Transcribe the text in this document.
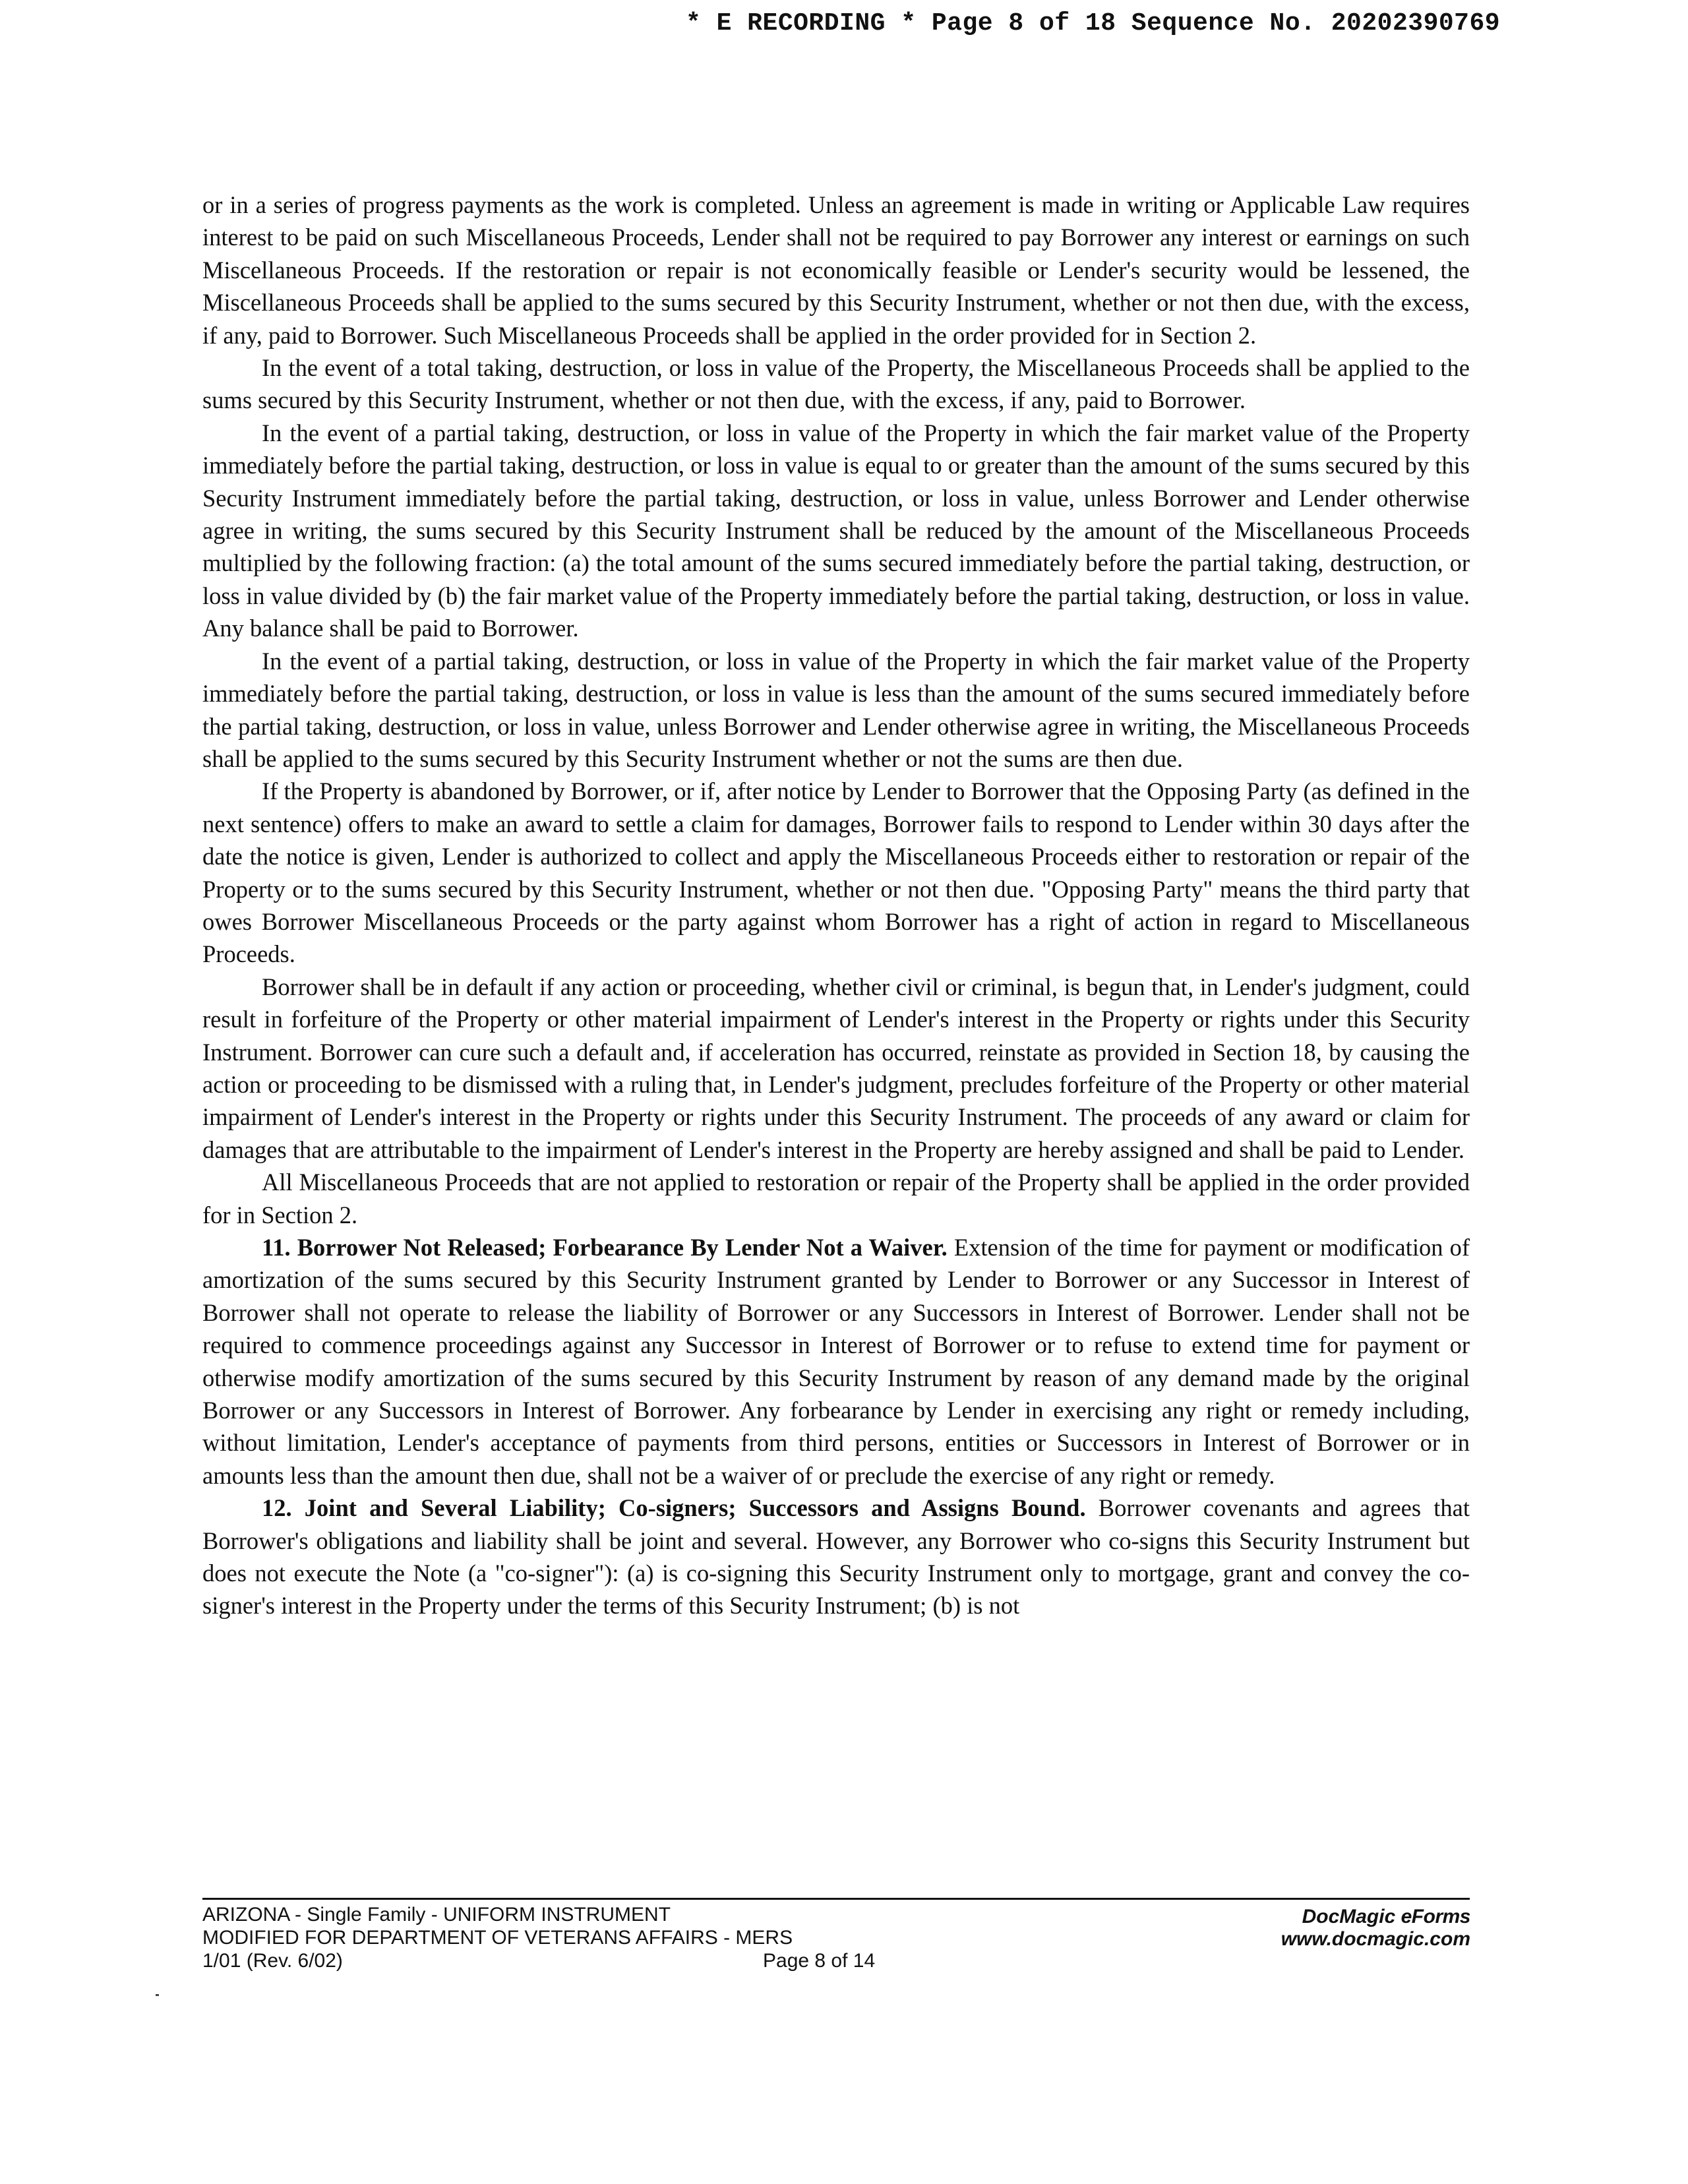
* E RECORDING * Page 8 of 18 Sequence No. 20202390769

or in a series of progress payments as the work is completed. Unless an agreement is made in writing or Applicable Law requires interest to be paid on such Miscellaneous Proceeds, Lender shall not be required to pay Borrower any interest or earnings on such Miscellaneous Proceeds. If the restoration or repair is not economically feasible or Lender's security would be lessened, the Miscellaneous Proceeds shall be applied to the sums secured by this Security Instrument, whether or not then due, with the excess, if any, paid to Borrower. Such Miscellaneous Proceeds shall be applied in the order provided for in Section 2.

In the event of a total taking, destruction, or loss in value of the Property, the Miscellaneous Proceeds shall be applied to the sums secured by this Security Instrument, whether or not then due, with the excess, if any, paid to Borrower.

In the event of a partial taking, destruction, or loss in value of the Property in which the fair market value of the Property immediately before the partial taking, destruction, or loss in value is equal to or greater than the amount of the sums secured by this Security Instrument immediately before the partial taking, destruction, or loss in value, unless Borrower and Lender otherwise agree in writing, the sums secured by this Security Instrument shall be reduced by the amount of the Miscellaneous Proceeds multiplied by the following fraction: (a) the total amount of the sums secured immediately before the partial taking, destruction, or loss in value divided by (b) the fair market value of the Property immediately before the partial taking, destruction, or loss in value. Any balance shall be paid to Borrower.

In the event of a partial taking, destruction, or loss in value of the Property in which the fair market value of the Property immediately before the partial taking, destruction, or loss in value is less than the amount of the sums secured immediately before the partial taking, destruction, or loss in value, unless Borrower and Lender otherwise agree in writing, the Miscellaneous Proceeds shall be applied to the sums secured by this Security Instrument whether or not the sums are then due.

If the Property is abandoned by Borrower, or if, after notice by Lender to Borrower that the Opposing Party (as defined in the next sentence) offers to make an award to settle a claim for damages, Borrower fails to respond to Lender within 30 days after the date the notice is given, Lender is authorized to collect and apply the Miscellaneous Proceeds either to restoration or repair of the Property or to the sums secured by this Security Instrument, whether or not then due. "Opposing Party" means the third party that owes Borrower Miscellaneous Proceeds or the party against whom Borrower has a right of action in regard to Miscellaneous Proceeds.

Borrower shall be in default if any action or proceeding, whether civil or criminal, is begun that, in Lender's judgment, could result in forfeiture of the Property or other material impairment of Lender's interest in the Property or rights under this Security Instrument. Borrower can cure such a default and, if acceleration has occurred, reinstate as provided in Section 18, by causing the action or proceeding to be dismissed with a ruling that, in Lender's judgment, precludes forfeiture of the Property or other material impairment of Lender's interest in the Property or rights under this Security Instrument. The proceeds of any award or claim for damages that are attributable to the impairment of Lender's interest in the Property are hereby assigned and shall be paid to Lender.

All Miscellaneous Proceeds that are not applied to restoration or repair of the Property shall be applied in the order provided for in Section 2.

11. Borrower Not Released; Forbearance By Lender Not a Waiver. Extension of the time for payment or modification of amortization of the sums secured by this Security Instrument granted by Lender to Borrower or any Successor in Interest of Borrower shall not operate to release the liability of Borrower or any Successors in Interest of Borrower. Lender shall not be required to commence proceedings against any Successor in Interest of Borrower or to refuse to extend time for payment or otherwise modify amortization of the sums secured by this Security Instrument by reason of any demand made by the original Borrower or any Successors in Interest of Borrower. Any forbearance by Lender in exercising any right or remedy including, without limitation, Lender's acceptance of payments from third persons, entities or Successors in Interest of Borrower or in amounts less than the amount then due, shall not be a waiver of or preclude the exercise of any right or remedy.

12. Joint and Several Liability; Co-signers; Successors and Assigns Bound. Borrower covenants and agrees that Borrower's obligations and liability shall be joint and several. However, any Borrower who co-signs this Security Instrument but does not execute the Note (a "co-signer"): (a) is co-signing this Security Instrument only to mortgage, grant and convey the co-signer's interest in the Property under the terms of this Security Instrument; (b) is not

ARIZONA - Single Family - UNIFORM INSTRUMENT
MODIFIED FOR DEPARTMENT OF VETERANS AFFAIRS - MERS
1/01 (Rev. 6/02)	Page 8 of 14
DocMagic eForms
www.docmagic.com
